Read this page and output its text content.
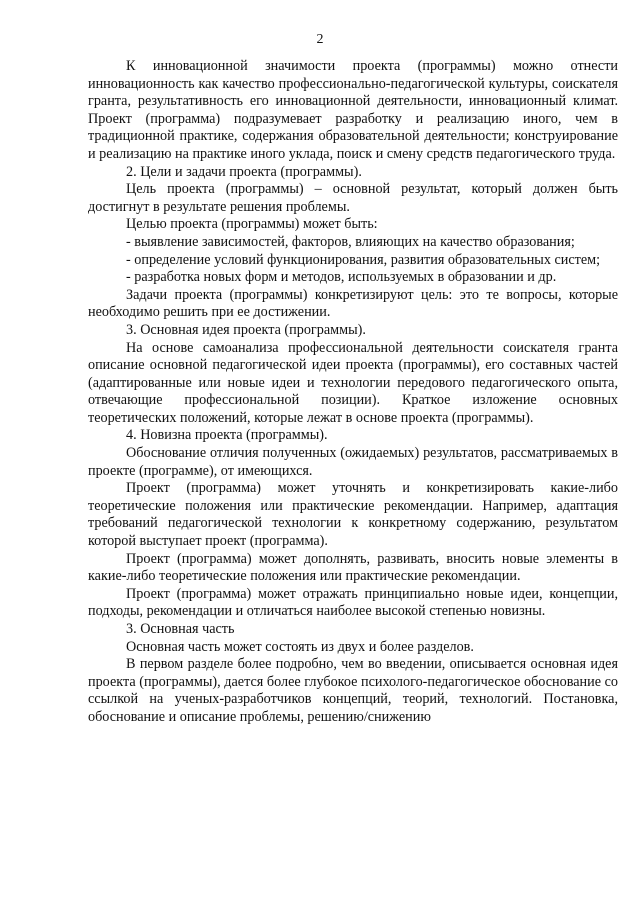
2

К инновационной значимости проекта (программы) можно отнести инновационность как качество профессионально-педагогической культуры, соискателя гранта, результативность его инновационной деятельности, инновационный климат. Проект (программа) подразумевает разработку и реализацию иного, чем в традиционной практике, содержания образовательной деятельности; конструирование и реализацию на практике иного уклада, поиск и смену средств педагогического труда.

2. Цели и задачи проекта (программы).

Цель проекта (программы) – основной результат, который должен быть достигнут в результате решения проблемы.

Целью проекта (программы) может быть:

- выявление зависимостей, факторов, влияющих на качество образования;

- определение условий функционирования, развития образовательных систем;

- разработка новых форм и методов, используемых в образовании и др.

Задачи проекта (программы) конкретизируют цель: это те вопросы, которые необходимо решить при ее достижении.

3. Основная идея проекта (программы).

На основе самоанализа профессиональной деятельности соискателя гранта описание основной педагогической идеи проекта (программы), его составных частей (адаптированные или новые идеи и технологии передового педагогического опыта, отвечающие профессиональной позиции). Краткое изложение основных теоретических положений, которые лежат в основе проекта (программы).

4. Новизна проекта (программы).

Обоснование отличия полученных (ожидаемых) результатов, рассматриваемых в проекте (программе), от имеющихся.

Проект (программа) может уточнять и конкретизировать какие-либо теоретические положения или практические рекомендации. Например, адаптация требований педагогической технологии к конкретному содержанию, результатом которой выступает проект (программа).

Проект (программа) может дополнять, развивать, вносить новые элементы в какие-либо теоретические положения или практические рекомендации.

Проект (программа) может отражать принципиально новые идеи, концепции, подходы, рекомендации и отличаться наиболее высокой степенью новизны.

3. Основная часть

Основная часть может состоять из двух и более разделов.

В первом разделе более подробно, чем во введении, описывается основная идея проекта (программы), дается более глубокое психолого-педагогическое обоснование со ссылкой на ученых-разработчиков концепций, теорий, технологий. Постановка, обоснование и описание проблемы, решению/снижению
